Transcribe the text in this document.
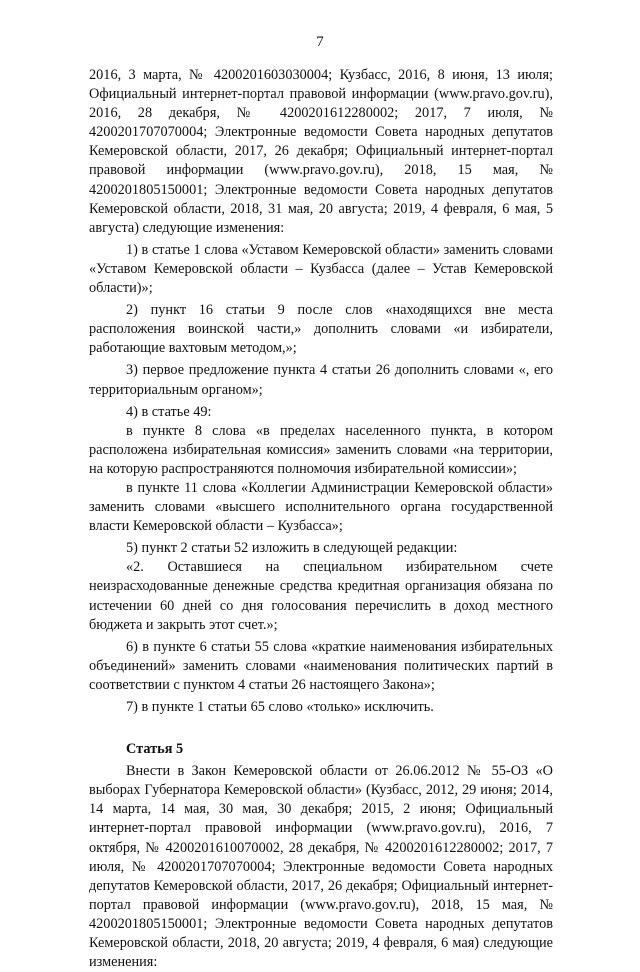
7

2016, 3 марта, № 4200201603030004; Кузбасс, 2016, 8 июня, 13 июля; Официальный интернет-портал правовой информации (www.pravo.gov.ru), 2016, 28 декабря, № 4200201612280002; 2017, 7 июля, № 4200201707070004; Электронные ведомости Совета народных депутатов Кемеровской области, 2017, 26 декабря; Официальный интернет-портал правовой информации (www.pravo.gov.ru), 2018, 15 мая, № 4200201805150001; Электронные ведомости Совета народных депутатов Кемеровской области, 2018, 31 мая, 20 августа; 2019, 4 февраля, 6 мая, 5 августа) следующие изменения:

1) в статье 1 слова «Уставом Кемеровской области» заменить словами «Уставом Кемеровской области – Кузбасса (далее – Устав Кемеровской области)»;

2) пункт 16 статьи 9 после слов «находящихся вне места расположения воинской части,» дополнить словами «и избиратели, работающие вахтовым методом,»;

3) первое предложение пункта 4 статьи 26 дополнить словами «, его территориальным органом»;

4) в статье 49:

в пункте 8 слова «в пределах населенного пункта, в котором расположена избирательная комиссия» заменить словами «на территории, на которую распространяются полномочия избирательной комиссии»;

в пункте 11 слова «Коллегии Администрации Кемеровской области» заменить словами «высшего исполнительного органа государственной власти Кемеровской области – Кузбасса»;

5) пункт 2 статьи 52 изложить в следующей редакции:

«2. Оставшиеся на специальном избирательном счете неизрасходованные денежные средства кредитная организация обязана по истечении 60 дней со дня голосования перечислить в доход местного бюджета и закрыть этот счет.»;

6) в пункте 6 статьи 55 слова «краткие наименования избирательных объединений» заменить словами «наименования политических партий в соответствии с пунктом 4 статьи 26 настоящего Закона»;

7) в пункте 1 статьи 65 слово «только» исключить.

Статья 5

Внести в Закон Кемеровской области от 26.06.2012 № 55-ОЗ «О выборах Губернатора Кемеровской области» (Кузбасс, 2012, 29 июня; 2014, 14 марта, 14 мая, 30 мая, 30 декабря; 2015, 2 июня; Официальный интернет-портал правовой информации (www.pravo.gov.ru), 2016, 7 октября, № 4200201610070002, 28 декабря, № 4200201612280002; 2017, 7 июля, № 4200201707070004; Электронные ведомости Совета народных депутатов Кемеровской области, 2017, 26 декабря; Официальный интернет-портал правовой информации (www.pravo.gov.ru), 2018, 15 мая, № 4200201805150001; Электронные ведомости Совета народных депутатов Кемеровской области, 2018, 20 августа; 2019, 4 февраля, 6 мая) следующие изменения:
